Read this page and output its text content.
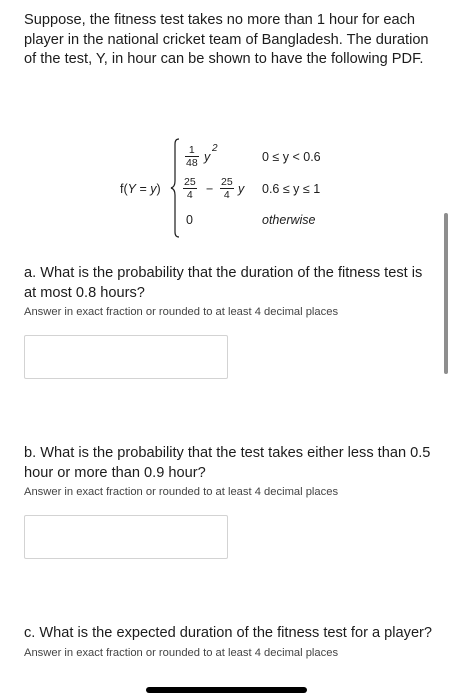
Suppose, the fitness test takes no more than 1 hour for each player in the national cricket team of Bangladesh. The duration of the test, Y, in hour can be shown to have the following PDF.

f(Y = y)
1
48 y
2
0 ≤ y < 0.6
25
4 − 25
4 y 0.6 ≤ y ≤ 1
0	otherwise

a. What is the probability that the duration of the fitness test is at most 0.8 hours?

Answer in exact fraction or rounded to at least 4 decimal places

b. What is the probability that the test takes either less than 0.5 hour or more than 0.9 hour?

Answer in exact fraction or rounded to at least 4 decimal places

c. What is the expected duration of the fitness test for a player?

Answer in exact fraction or rounded to at least 4 decimal places
